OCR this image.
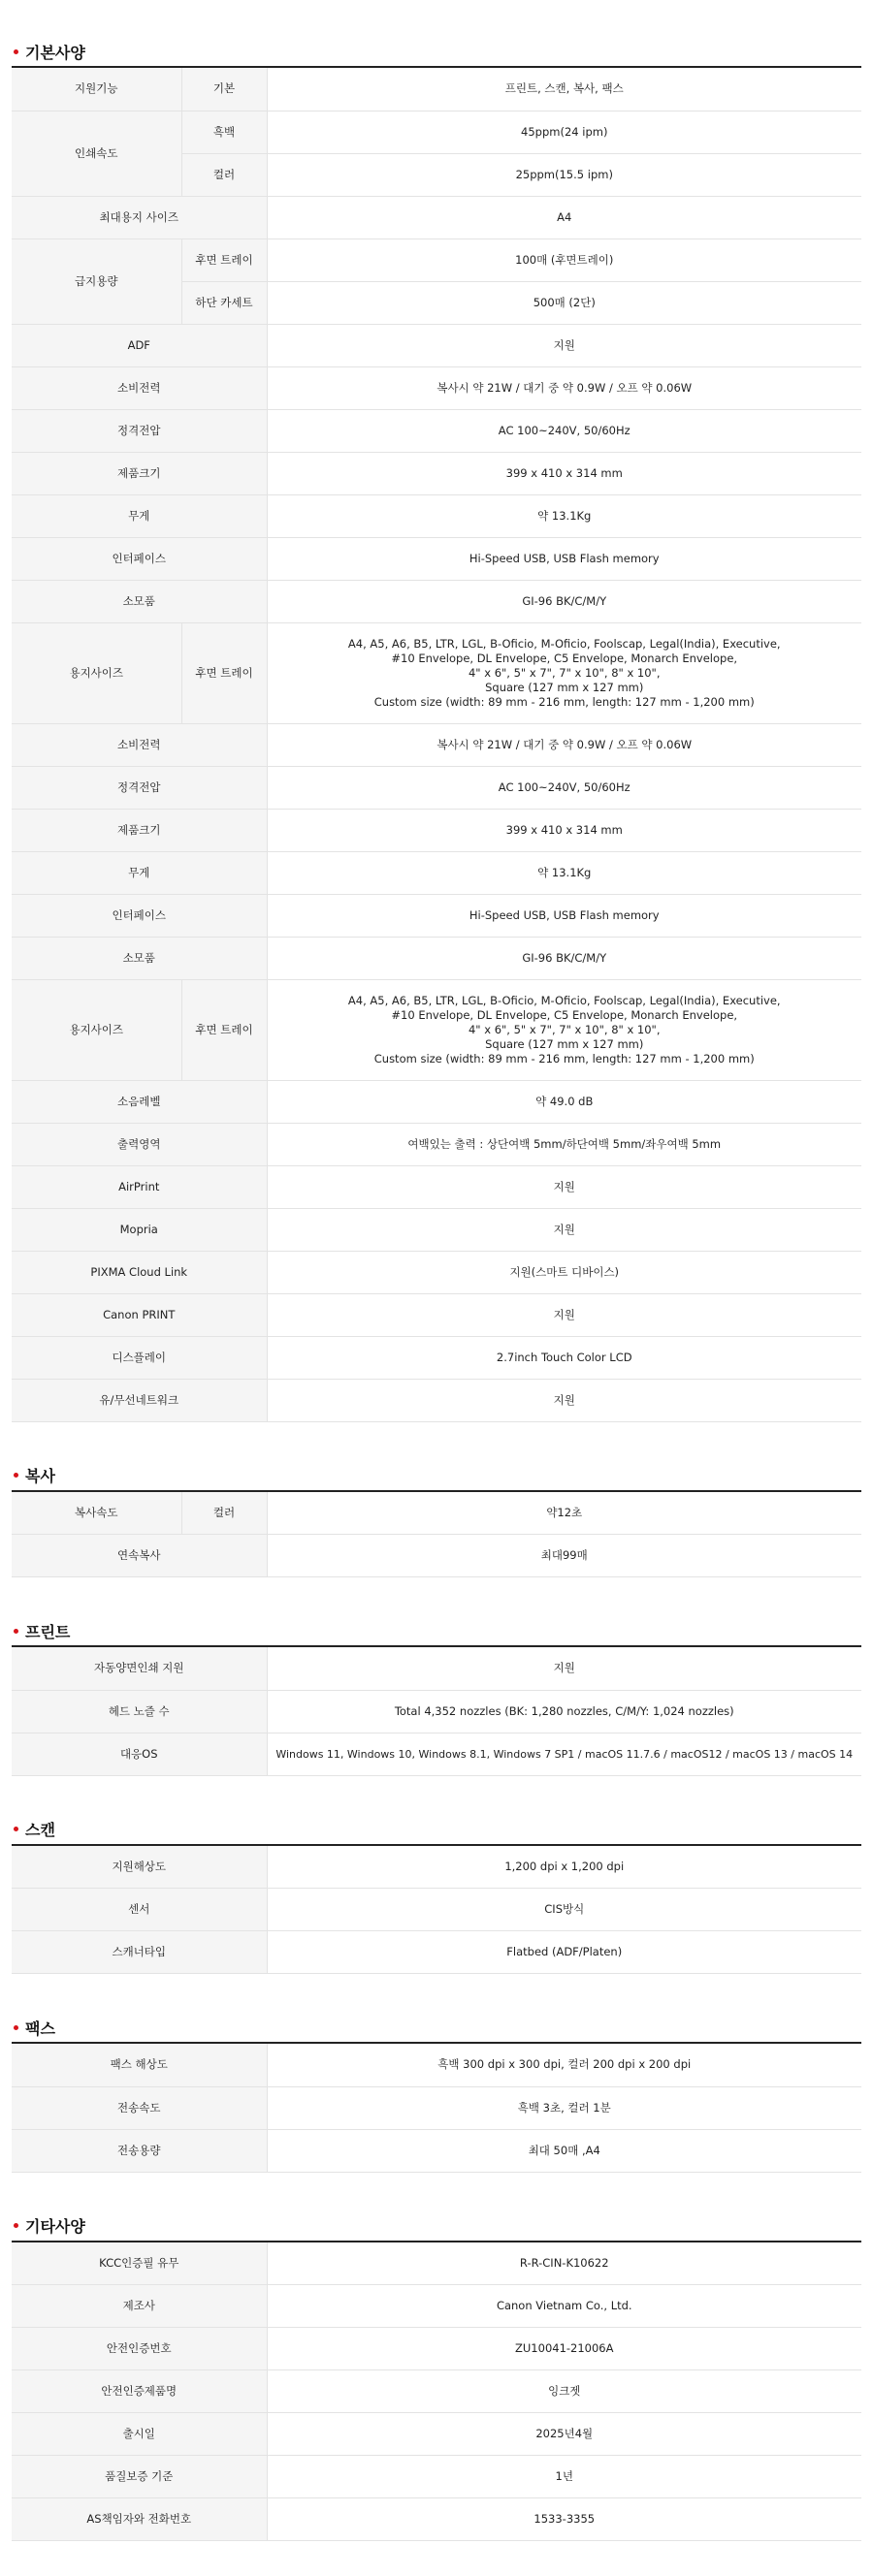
기본사양
지원기능	기본	프린트, 스캔, 복사, 팩스
인쇄속도	흑백	45ppm(24 ipm)
	컬러	25ppm(15.5 ipm)
최대용지 사이즈		A4
급지용량	후면 트레이	100매 (후면트레이)
	하단 카세트	500매 (2단)
ADF		지원
소비전력		복사시 약 21W / 대기 중 약 0.9W / 오프 약 0.06W
정격전압		AC 100~240V, 50/60Hz
제품크기		399 x 410 x 314 mm
무게		약 13.1Kg
인터페이스		Hi-Speed USB, USB Flash memory
소모품		GI-96 BK/C/M/Y
용지사이즈	후면 트레이	A4, A5, A6, B5, LTR, LGL, B-Oficio, M-Oficio, Foolscap, Legal(India), Executive,
#10 Envelope, DL Envelope, C5 Envelope, Monarch Envelope,
4" x 6", 5" x 7", 7" x 10", 8" x 10",
Square (127 mm x 127 mm)
Custom size (width: 89 mm - 216 mm, length: 127 mm - 1,200 mm)
소비전력		복사시 약 21W / 대기 중 약 0.9W / 오프 약 0.06W
정격전압		AC 100~240V, 50/60Hz
제품크기		399 x 410 x 314 mm
무게		약 13.1Kg
인터페이스		Hi-Speed USB, USB Flash memory
소모품		GI-96 BK/C/M/Y
용지사이즈	후면 트레이	A4, A5, A6, B5, LTR, LGL, B-Oficio, M-Oficio, Foolscap, Legal(India), Executive,
#10 Envelope, DL Envelope, C5 Envelope, Monarch Envelope,
4" x 6", 5" x 7", 7" x 10", 8" x 10",
Square (127 mm x 127 mm)
Custom size (width: 89 mm - 216 mm, length: 127 mm - 1,200 mm)
소음레벨		약 49.0 dB
출력영역		여백있는 출력 : 상단여백 5mm/하단여백 5mm/좌우여백 5mm
AirPrint		지원
Mopria		지원
PIXMA Cloud Link		지원(스마트 디바이스)
Canon PRINT		지원
디스플레이		2.7inch Touch Color LCD
유/무선네트워크		지원
복사
복사속도	컬러	약12초
연속복사		최대99매
프린트
자동양면인쇄 지원	지원
헤드 노즐 수	Total 4,352 nozzles (BK: 1,280 nozzles, C/M/Y: 1,024 nozzles)
대응OS	Windows 11, Windows 10, Windows 8.1, Windows 7 SP1 / macOS 11.7.6 / macOS12 / macOS 13 / macOS 14
스캔
지원해상도	1,200 dpi x 1,200 dpi
센서	CIS방식
스캐너타입	Flatbed (ADF/Platen)
팩스
팩스 해상도	흑백 300 dpi x 300 dpi, 컬러 200 dpi x 200 dpi
전송속도	흑백 3초, 컬러 1분
전송용량	최대 50매 ,A4
기타사양
KCC인증필 유무	R-R-CIN-K10622
제조사	Canon Vietnam Co., Ltd.
안전인증번호	ZU10041-21006A
안전인증제품명	잉크젯
출시일	2025년4월
품질보증 기준	1년
AS책임자와 전화번호	1533-3355
